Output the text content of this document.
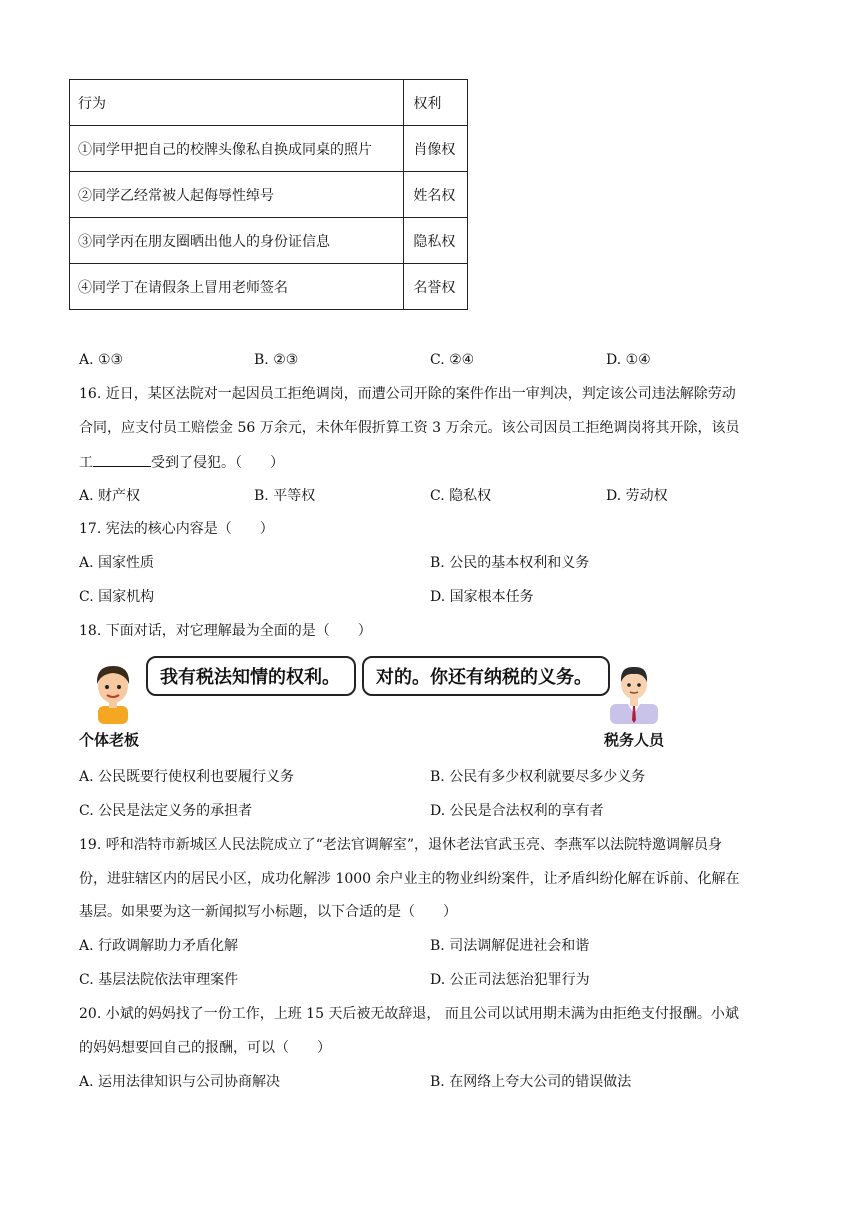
行为	权利
①同学甲把自己的校牌头像私自换成同桌的照片	肖像权
②同学乙经常被人起侮辱性绰号	姓名权
③同学丙在朋友圈晒出他人的身份证信息	隐私权
④同学丁在请假条上冒用老师签名	名誉权
A. ①③	B. ②③	C. ②④	D. ①④
16. 近日，某区法院对一起因员工拒绝调岗，而遭公司开除的案件作出一审判决，判定该公司违法解除劳动
合同，应支付员工赔偿金 56 万余元，未休年假折算工资 3 万余元。该公司因员工拒绝调岗将其开除，该员
工	受到了侵犯。（　　）
A. 财产权	B. 平等权	C. 隐私权	D. 劳动权
17. 宪法的核心内容是（　　）
A. 国家性质	B. 公民的基本权利和义务
C. 国家机构	D. 国家根本任务
18. 下面对话，对它理解最为全面的是（　　）
我有税法知情的权利。	对的。你还有纳税的义务。
个体老板	税务人员
A. 公民既要行使权利也要履行义务	B. 公民有多少权利就要尽多少义务
C. 公民是法定义务的承担者	D. 公民是合法权利的享有者
19. 呼和浩特市新城区人民法院成立了“老法官调解室”，退休老法官武玉亮、李燕军以法院特邀调解员身
份，进驻辖区内的居民小区，成功化解涉 1000 余户业主的物业纠纷案件，让矛盾纠纷化解在诉前、化解在
基层。如果要为这一新闻拟写小标题，以下合适的是（　　）
A. 行政调解助力矛盾化解	B. 司法调解促进社会和谐
C. 基层法院依法审理案件	D. 公正司法惩治犯罪行为
20. 小斌的妈妈找了一份工作，上班 15 天后被无故辞退， 而且公司以试用期未满为由拒绝支付报酬。小斌
的妈妈想要回自己的报酬，可以（　　）
A. 运用法律知识与公司协商解决	B. 在网络上夸大公司的错误做法
